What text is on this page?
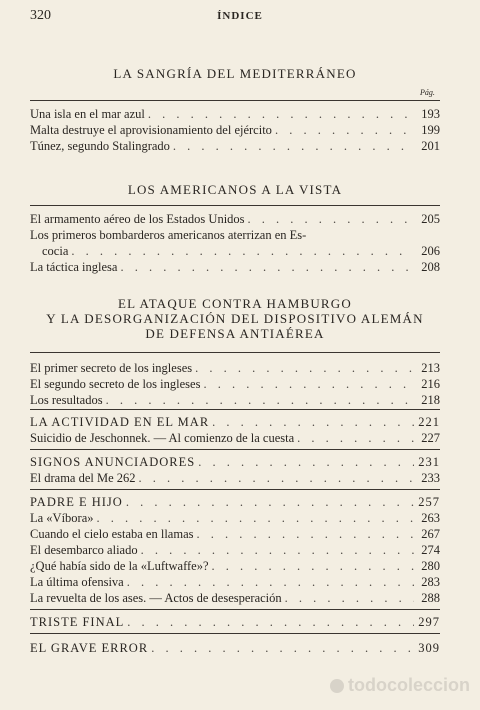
320	ÍNDICE
LA SANGRÍA DEL MEDITERRÁNEO
Pág.
Una isla en el mar azul . . .	193
Malta destruye el aprovisionamiento del ejército . . .	199
Túnez, segundo Stalingrado . . .	201
LOS AMERICANOS A LA VISTA
El armamento aéreo de los Estados Unidos . . .	205
Los primeros bombarderos americanos aterrizan en Es-
cocia . . .	206
La táctica inglesa . . .	208
EL ATAQUE CONTRA HAMBURGO
Y LA DESORGANIZACIÓN DEL DISPOSITIVO ALEMÁN
DE DEFENSA ANTIAÉREA
El primer secreto de los ingleses . . .	213
El segundo secreto de los ingleses . . .	216
Los resultados . . .	218
LA ACTIVIDAD EN EL MAR . . .	221
Suicidio de Jeschonnek. — Al comienzo de la cuesta . . .	227
SIGNOS ANUNCIADORES . . .	231
El drama del Me 262 . . .	233
PADRE E HIJO . . .	257
La «Víbora» . . .	263
Cuando el cielo estaba en llamas . . .	267
El desembarco aliado . . .	274
¿Qué había sido de la «Luftwaffe»? . . .	280
La última ofensiva . . .	283
La revuelta de los ases. — Actos de desesperación . . .	288
TRISTE FINAL . . .	297
EL GRAVE ERROR . . .	309
todocoleccion
